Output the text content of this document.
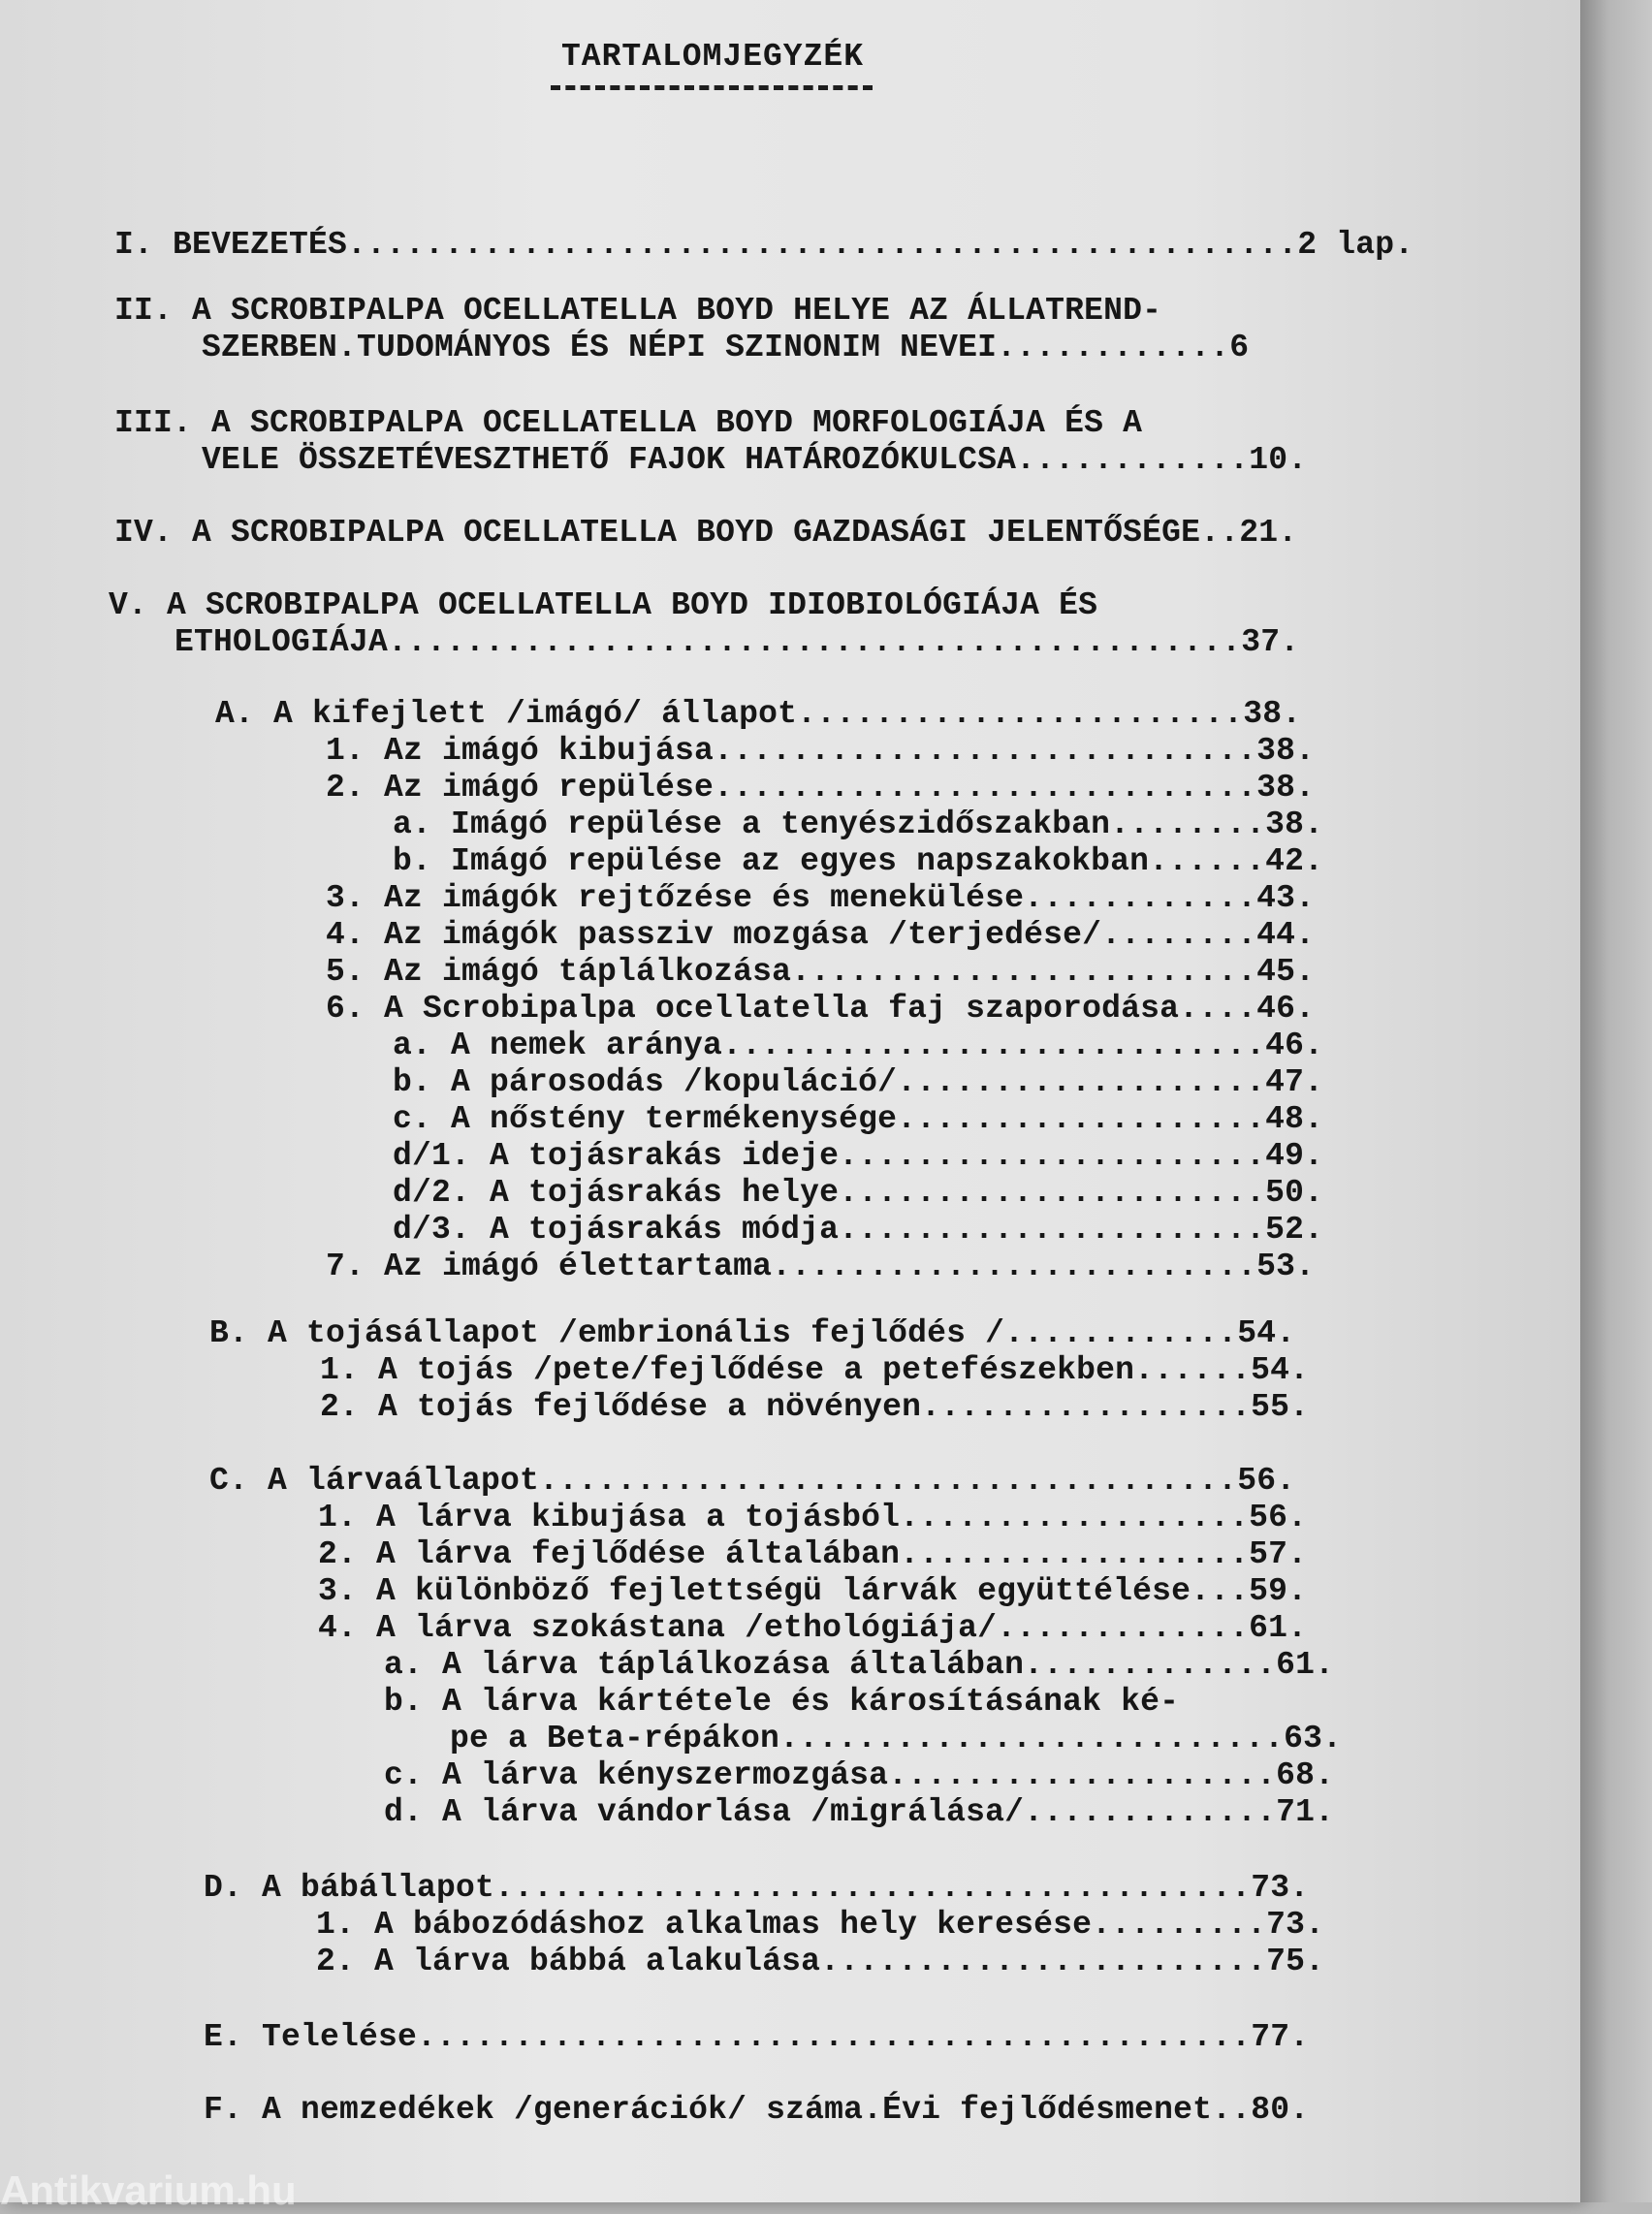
TARTALOMJEGYZÉK
I. BEVEZETÉS.................................................2 lap.
II. A SCROBIPALPA OCELLATELLA BOYD HELYE AZ ÁLLATREND-
SZERBEN.TUDOMÁNYOS ÉS NÉPI SZINONIM NEVEI............6
III. A SCROBIPALPA OCELLATELLA BOYD MORFOLOGIÁJA ÉS A
VELE ÖSSZETÉVESZTHETŐ FAJOK HATÁROZÓKULCSA............10.
IV. A SCROBIPALPA OCELLATELLA BOYD GAZDASÁGI JELENTŐSÉGE..21.
V. A SCROBIPALPA OCELLATELLA BOYD IDIOBIOLÓGIÁJA ÉS
ETHOLOGIÁJA............................................37.
A. A kifejlett /imágó/ állapot.......................38.
1. Az imágó kibujása............................38.
2. Az imágó repülése............................38.
a. Imágó repülése a tenyészidőszakban........38.
b. Imágó repülése az egyes napszakokban......42.
3. Az imágók rejtőzése és menekülése............43.
4. Az imágók passziv mozgása /terjedése/........44.
5. Az imágó táplálkozása........................45.
6. A Scrobipalpa ocellatella faj szaporodása....46.
a. A nemek aránya............................46.
b. A párosodás /kopuláció/...................47.
c. A nőstény termékenysége...................48.
d/1. A tojásrakás ideje......................49.
d/2. A tojásrakás helye......................50.
d/3. A tojásrakás módja......................52.
7. Az imágó élettartama.........................53.
B. A tojásállapot /embrionális fejlődés /............54.
1. A tojás /pete/fejlődése a petefészekben......54.
2. A tojás fejlődése a növényen.................55.
C. A lárvaállapot....................................56.
1. A lárva kibujása a tojásból..................56.
2. A lárva fejlődése általában..................57.
3. A különböző fejlettségü lárvák együttélése...59.
4. A lárva szokástana /ethológiája/.............61.
a. A lárva táplálkozása általában.............61.
b. A lárva kártétele és károsításának ké-
pe a Beta-répákon..........................63.
c. A lárva kényszermozgása....................68.
d. A lárva vándorlása /migrálása/.............71.
D. A bábállapot.......................................73.
1. A bábozódáshoz alkalmas hely keresése.........73.
2. A lárva bábbá alakulása.......................75.
E. Telelése...........................................77.
F. A nemzedékek /generációk/ száma.Évi fejlődésmenet..80.
Antikvarium.hu
